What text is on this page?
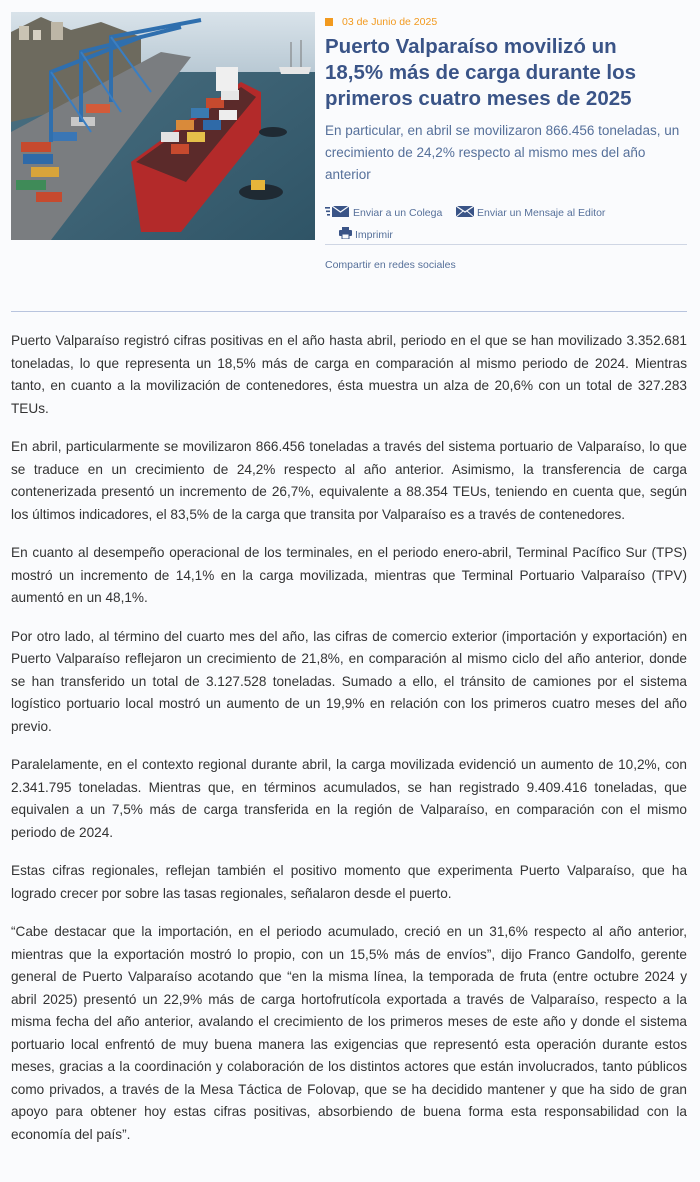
03 de Junio de 2025
Puerto Valparaíso movilizó un 18,5% más de carga durante los primeros cuatro meses de 2025

En particular, en abril se movilizaron 866.456 toneladas, un crecimiento de 24,2% respecto al mismo mes del año anterior

Enviar a un Colega	Enviar un Mensaje al Editor
Imprimir
Compartir en redes sociales

Puerto Valparaíso registró cifras positivas en el año hasta abril, periodo en el que se han movilizado 3.352.681 toneladas, lo que representa un 18,5% más de carga en comparación al mismo periodo de 2024. Mientras tanto, en cuanto a la movilización de contenedores, ésta muestra un alza de 20,6% con un total de 327.283 TEUs.

En abril, particularmente se movilizaron 866.456 toneladas a través del sistema portuario de Valparaíso, lo que se traduce en un crecimiento de 24,2% respecto al año anterior. Asimismo, la transferencia de carga contenerizada presentó un incremento de 26,7%, equivalente a 88.354 TEUs, teniendo en cuenta que, según los últimos indicadores, el 83,5% de la carga que transita por Valparaíso es a través de contenedores.

En cuanto al desempeño operacional de los terminales, en el periodo enero-abril, Terminal Pacífico Sur (TPS) mostró un incremento de 14,1% en la carga movilizada, mientras que Terminal Portuario Valparaíso (TPV) aumentó en un 48,1%.

Por otro lado, al término del cuarto mes del año, las cifras de comercio exterior (importación y exportación) en Puerto Valparaíso reflejaron un crecimiento de 21,8%, en comparación al mismo ciclo del año anterior, donde se han transferido un total de 3.127.528 toneladas. Sumado a ello, el tránsito de camiones por el sistema logístico portuario local mostró un aumento de un 19,9% en relación con los primeros cuatro meses del año previo.

Paralelamente, en el contexto regional durante abril, la carga movilizada evidenció un aumento de 10,2%, con 2.341.795 toneladas. Mientras que, en términos acumulados, se han registrado 9.409.416 toneladas, que equivalen a un 7,5% más de carga transferida en la región de Valparaíso, en comparación con el mismo periodo de 2024.

Estas cifras regionales, reflejan también el positivo momento que experimenta Puerto Valparaíso, que ha logrado crecer por sobre las tasas regionales, señalaron desde el puerto.

“Cabe destacar que la importación, en el periodo acumulado, creció en un 31,6% respecto al año anterior, mientras que la exportación mostró lo propio, con un 15,5% más de envíos”, dijo Franco Gandolfo, gerente general de Puerto Valparaíso acotando que “en la misma línea, la temporada de fruta (entre octubre 2024 y abril 2025) presentó un 22,9% más de carga hortofrutícola exportada a través de Valparaíso, respecto a la misma fecha del año anterior, avalando el crecimiento de los primeros meses de este año y donde el sistema portuario local enfrentó de muy buena manera las exigencias que representó esta operación durante estos meses, gracias a la coordinación y colaboración de los distintos actores que están involucrados, tanto públicos como privados, a través de la Mesa Táctica de Folovap, que se ha decidido mantener y que ha sido de gran apoyo para obtener hoy estas cifras positivas, absorbiendo de buena forma esta responsabilidad con la economía del país”.
